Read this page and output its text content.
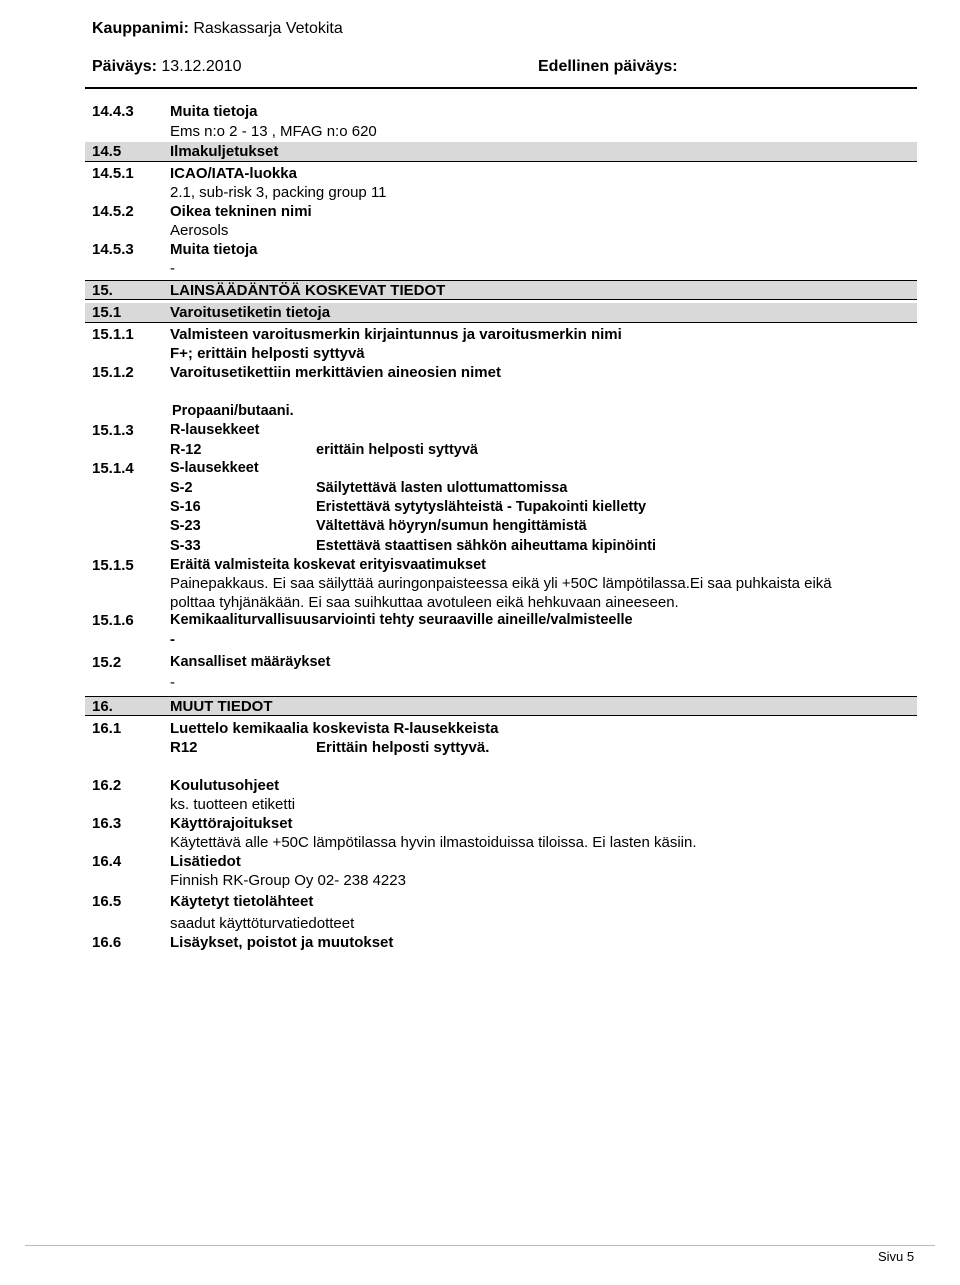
Kauppanimi: Raskassarja Vetokita
Päiväys: 13.12.2010	Edellinen päiväys:
14.4.3 Muita tietoja
Ems n:o 2 - 13 , MFAG n:o 620
14.5	Ilmakuljetukset
14.5.1 ICAO/IATA-luokka
2.1, sub-risk 3, packing group 11
14.5.2 Oikea tekninen nimi
Aerosols
14.5.3 Muita tietoja
-
15.	LAINSÄÄDÄNTÖÄ KOSKEVAT TIEDOT
15.1	Varoitusetiketin tietoja
15.1.1 Valmisteen varoitusmerkin kirjaintunnus ja varoitusmerkin nimi
F+; erittäin helposti syttyvä
15.1.2 Varoitusetikettiin merkittävien aineosien nimet
Propaani/butaani.
15.1.3	R-lausekkeet
R-12	erittäin helposti syttyvä
15.1.4	S-lausekkeet
S-2	Säilytettävä lasten ulottumattomissa
S-16	Eristettävä sytytyslähteistä - Tupakointi kielletty
S-23	Vältettävä höyryn/sumun hengittämistä
S-33	Estettävä staattisen sähkön aiheuttama kipinöinti
15.1.5	Eräitä valmisteita koskevat erityisvaatimukset
Painepakkaus. Ei saa säilyttää auringonpaisteessa eikä yli +50C lämpötilassa.Ei saa puhkaista eikä
polttaa tyhjänäkään. Ei saa suihkuttaa avotuleen eikä hehkuvaan aineeseen.
15.1.6	Kemikaaliturvallisuusarviointi tehty seuraaville aineille/valmisteelle
-
15.2	Kansalliset määräykset
-
16.	MUUT TIEDOT
16.1	Luettelo kemikaalia koskevista R-lausekkeista
R12	Erittäin helposti syttyvä.
16.2	Koulutusohjeet
ks. tuotteen etiketti
16.3	Käyttörajoitukset
Käytettävä alle +50C lämpötilassa hyvin ilmastoiduissa tiloissa. Ei lasten käsiin.
16.4	Lisätiedot
Finnish RK-Group Oy 02- 238 4223
16.5	Käytetyt tietolähteet
saadut käyttöturvatiedotteet
16.6	Lisäykset, poistot ja muutokset
Sivu 5
